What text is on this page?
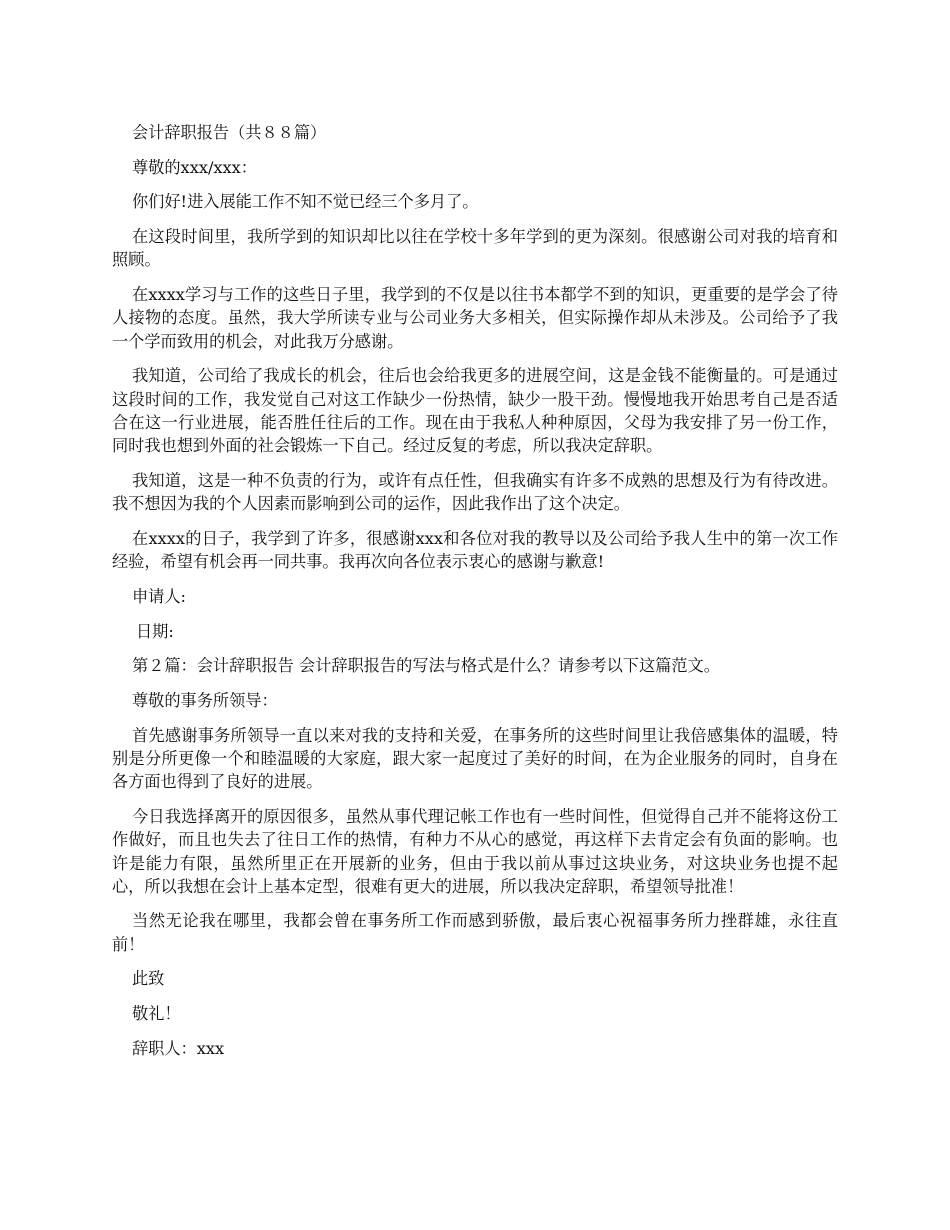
会计辞职报告（共８８篇）

尊敬的xxx/xxx：

你们好!进入展能工作不知不觉已经三个多月了。

在这段时间里，我所学到的知识却比以往在学校十多年学到的更为深刻。很感谢公司对我的培育和照顾。

在xxxx学习与工作的这些日子里，我学到的不仅是以往书本都学不到的知识，更重要的是学会了待人接物的态度。虽然，我大学所读专业与公司业务大多相关，但实际操作却从未涉及。公司给予了我一个学而致用的机会，对此我万分感谢。

我知道，公司给了我成长的机会，往后也会给我更多的进展空间，这是金钱不能衡量的。可是通过这段时间的工作，我发觉自己对这工作缺少一份热情，缺少一股干劲。慢慢地我开始思考自己是否适合在这一行业进展，能否胜任往后的工作。现在由于我私人种种原因，父母为我安排了另一份工作，同时我也想到外面的社会锻炼一下自己。经过反复的考虑，所以我决定辞职。

我知道，这是一种不负责的行为，或许有点任性，但我确实有许多不成熟的思想及行为有待改进。我不想因为我的个人因素而影响到公司的运作，因此我作出了这个决定。

在xxxx的日子，我学到了许多，很感谢xxx和各位对我的教导以及公司给予我人生中的第一次工作经验，希望有机会再一同共事。我再次向各位表示衷心的感谢与歉意!

申请人:

日期:

第２篇：会计辞职报告 会计辞职报告的写法与格式是什么？请参考以下这篇范文。

尊敬的事务所领导：

首先感谢事务所领导一直以来对我的支持和关爱，在事务所的这些时间里让我倍感集体的温暖，特别是分所更像一个和睦温暖的大家庭，跟大家一起度过了美好的时间，在为企业服务的同时，自身在各方面也得到了良好的进展。

今日我选择离开的原因很多，虽然从事代理记帐工作也有一些时间性，但觉得自己并不能将这份工作做好，而且也失去了往日工作的热情，有种力不从心的感觉，再这样下去肯定会有负面的影响。也许是能力有限，虽然所里正在开展新的业务，但由于我以前从事过这块业务，对这块业务也提不起心，所以我想在会计上基本定型，很难有更大的进展，所以我决定辞职，希望领导批准！

当然无论我在哪里，我都会曾在事务所工作而感到骄傲，最后衷心祝福事务所力挫群雄，永往直前！

此致

敬礼！

辞职人：xxx
